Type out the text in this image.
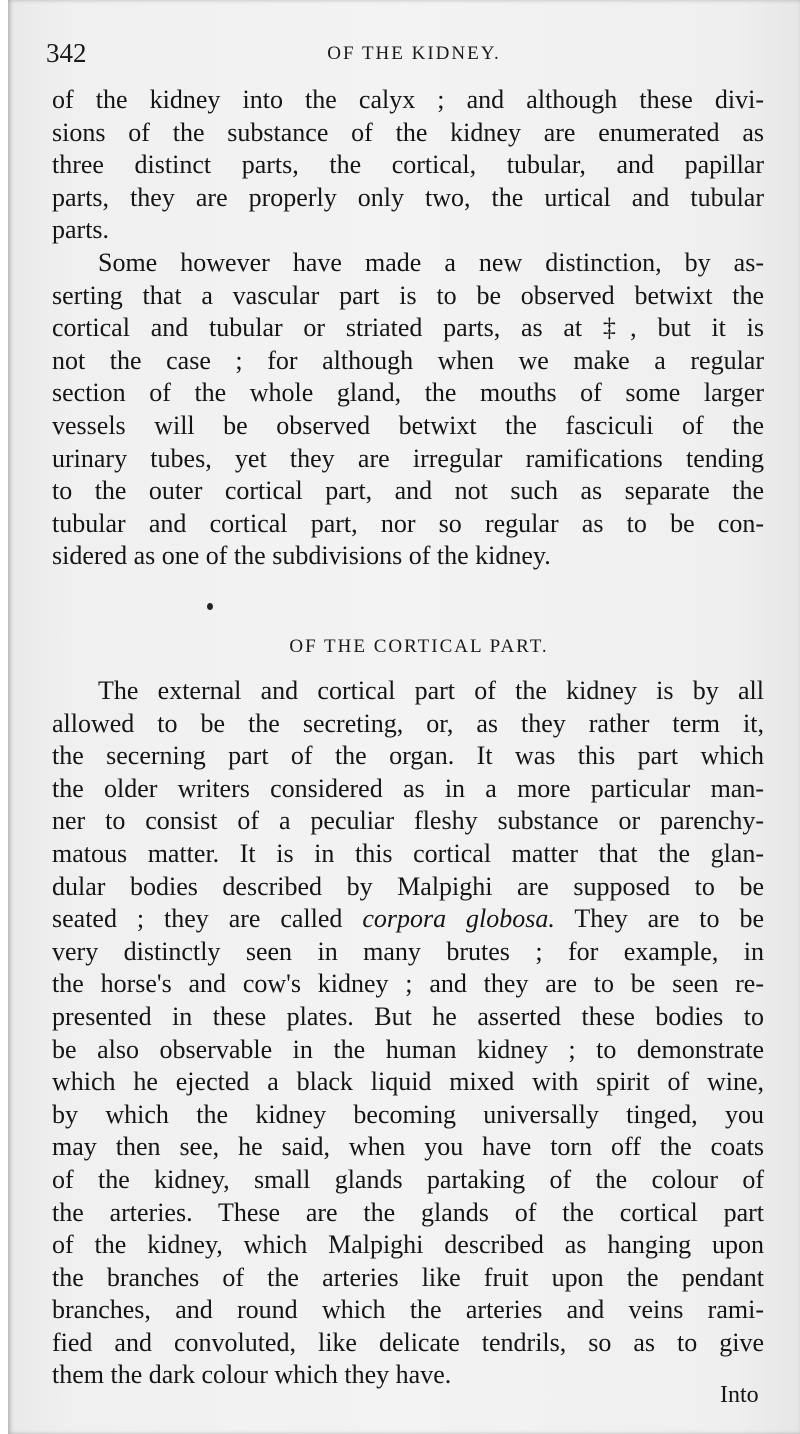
342	OF THE KIDNEY.
of the kidney into the calyx ; and although these divi-
sions of the substance of the kidney are enumerated as
three distinct parts, the cortical, tubular, and papillar
parts, they are properly only two, the urtical and tubular
parts.
Some however have made a new distinction, by as-
serting that a vascular part is to be observed betwixt the
cortical and tubular or striated parts, as at ‡, but it is
not the case ; for although when we make a regular
section of the whole gland, the mouths of some larger
vessels will be observed betwixt the fasciculi of the
urinary tubes, yet they are irregular ramifications tending
to the outer cortical part, and not such as separate the
tubular and cortical part, nor so regular as to be con-
sidered as one of the subdivisions of the kidney.
OF THE CORTICAL PART.
The external and cortical part of the kidney is by all
allowed to be the secreting, or, as they rather term it,
the secerning part of the organ. It was this part which
the older writers considered as in a more particular man-
ner to consist of a peculiar fleshy substance or parenchy-
matous matter. It is in this cortical matter that the glan-
dular bodies described by Malpighi are supposed to be
seated ; they are called corpora globosa. They are to be
very distinctly seen in many brutes ; for example, in
the horse's and cow's kidney ; and they are to be seen re-
presented in these plates. But he asserted these bodies to
be also observable in the human kidney ; to demonstrate
which he ejected a black liquid mixed with spirit of wine,
by which the kidney becoming universally tinged, you
may then see, he said, when you have torn off the coats
of the kidney, small glands partaking of the colour of
the arteries. These are the glands of the cortical part
of the kidney, which Malpighi described as hanging upon
the branches of the arteries like fruit upon the pendant
branches, and round which the arteries and veins rami-
fied and convoluted, like delicate tendrils, so as to give
them the dark colour which they have.
Into
